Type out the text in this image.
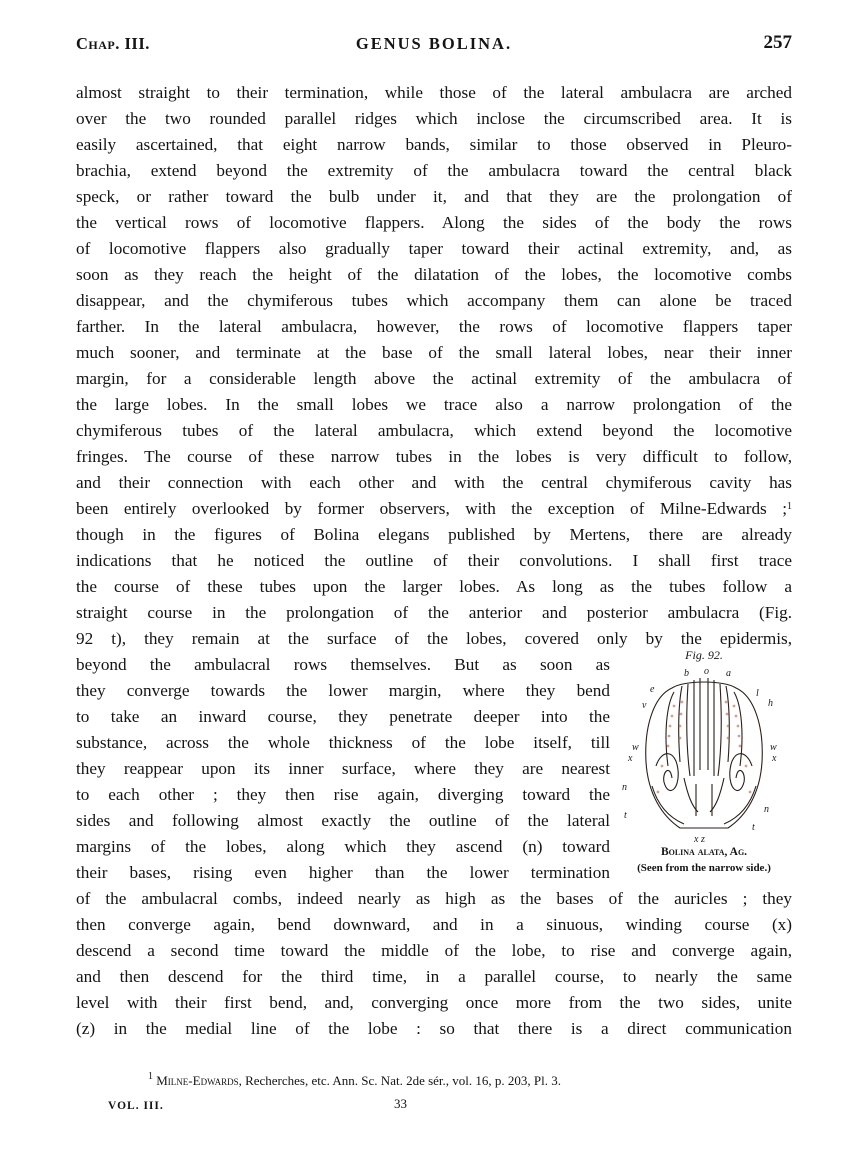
Chap. III.	GENUS BOLINA.	257
almost straight to their termination, while those of the lateral ambulacra are arched
over the two rounded parallel ridges which inclose the circumscribed area. It is
easily ascertained, that eight narrow bands, similar to those observed in Pleuro-
brachia, extend beyond the extremity of the ambulacra toward the central black
speck, or rather toward the bulb under it, and that they are the prolongation of
the vertical rows of locomotive flappers. Along the sides of the body the rows
of locomotive flappers also gradually taper toward their actinal extremity, and, as
soon as they reach the height of the dilatation of the lobes, the locomotive combs
disappear, and the chymiferous tubes which accompany them can alone be traced
farther. In the lateral ambulacra, however, the rows of locomotive flappers taper
much sooner, and terminate at the base of the small lateral lobes, near their inner
margin, for a considerable length above the actinal extremity of the ambulacra of
the large lobes. In the small lobes we trace also a narrow prolongation of the
chymiferous tubes of the lateral ambulacra, which extend beyond the locomotive
fringes. The course of these narrow tubes in the lobes is very difficult to follow,
and their connection with each other and with the central chymiferous cavity has
been entirely overlooked by former observers, with the exception of Milne-Edwards ;$^1$
though in the figures of Bolina elegans published by Mertens, there are already
indications that he noticed the outline of their convolutions. I shall first trace
the course of these tubes upon the larger lobes. As long as the tubes follow a
straight course in the prolongation of the anterior and posterior ambulacra (Fig.
92 t), they remain at the surface of the lobes, covered only by the epidermis,
beyond the ambulacral rows themselves. But as soon as
they converge towards the lower margin, where they bend
to take an inward course, they penetrate deeper into the
substance, across the whole thickness of the lobe itself, till
they reappear upon its inner surface, where they are nearest
to each other ; they then rise again, diverging toward the
sides and following almost exactly the outline of the lateral
margins of the lobes, along which they ascend (n) toward
their bases, rising even higher than the lower termination
of the ambulacral combs, indeed nearly as high as the bases of the auricles ; they
then converge again, bend downward, and in a sinuous, winding course (x)
descend a second time toward the middle of the lobe, to rise and converge again,
and then descend for the third time, in a parallel course, to nearly the same
level with their first bend, and, converging once more from the two sides, unite
(z) in the medial line of the lobe : so that there is a direct communication
Fig. 92.
b o a
e	l
h
v
w	w
x	x
n
n
t
t
x z
Bolina alata, Ag.
(Seen from the narrow side.)
$^1$ Milne-Edwards, Recherches, etc. Ann. Sc. Nat. 2de sér., vol. 16, p. 203, Pl. 3.
VOL. III.	33
